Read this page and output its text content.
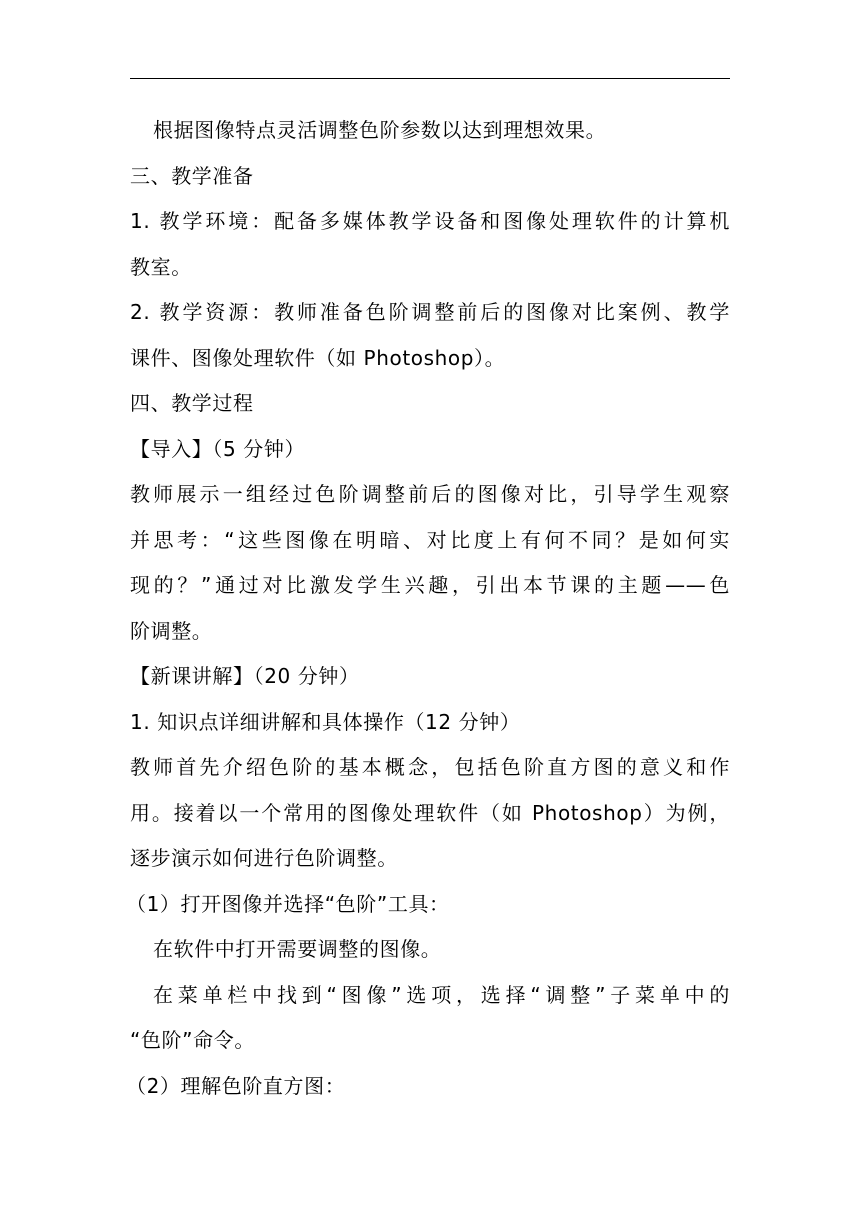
根据图像特点灵活调整色阶参数以达到理想效果。
三、教学准备
1. 教学环境：配备多媒体教学设备和图像处理软件的计算机
教室。
2. 教学资源：教师准备色阶调整前后的图像对比案例、教学
课件、图像处理软件（如 Photoshop）。
四、教学过程
【导入】（5 分钟）
教师展示一组经过色阶调整前后的图像对比，引导学生观察
并思考：“这些图像在明暗、对比度上有何不同？是如何实
现的？”通过对比激发学生兴趣，引出本节课的主题——色
阶调整。
【新课讲解】（20 分钟）
1. 知识点详细讲解和具体操作（12 分钟）
教师首先介绍色阶的基本概念，包括色阶直方图的意义和作
用。接着以一个常用的图像处理软件（如 Photoshop）为例，
逐步演示如何进行色阶调整。
（1）打开图像并选择“色阶”工具：
在软件中打开需要调整的图像。
在菜单栏中找到“图像”选项，选择“调整”子菜单中的
“色阶”命令。
（2）理解色阶直方图：
